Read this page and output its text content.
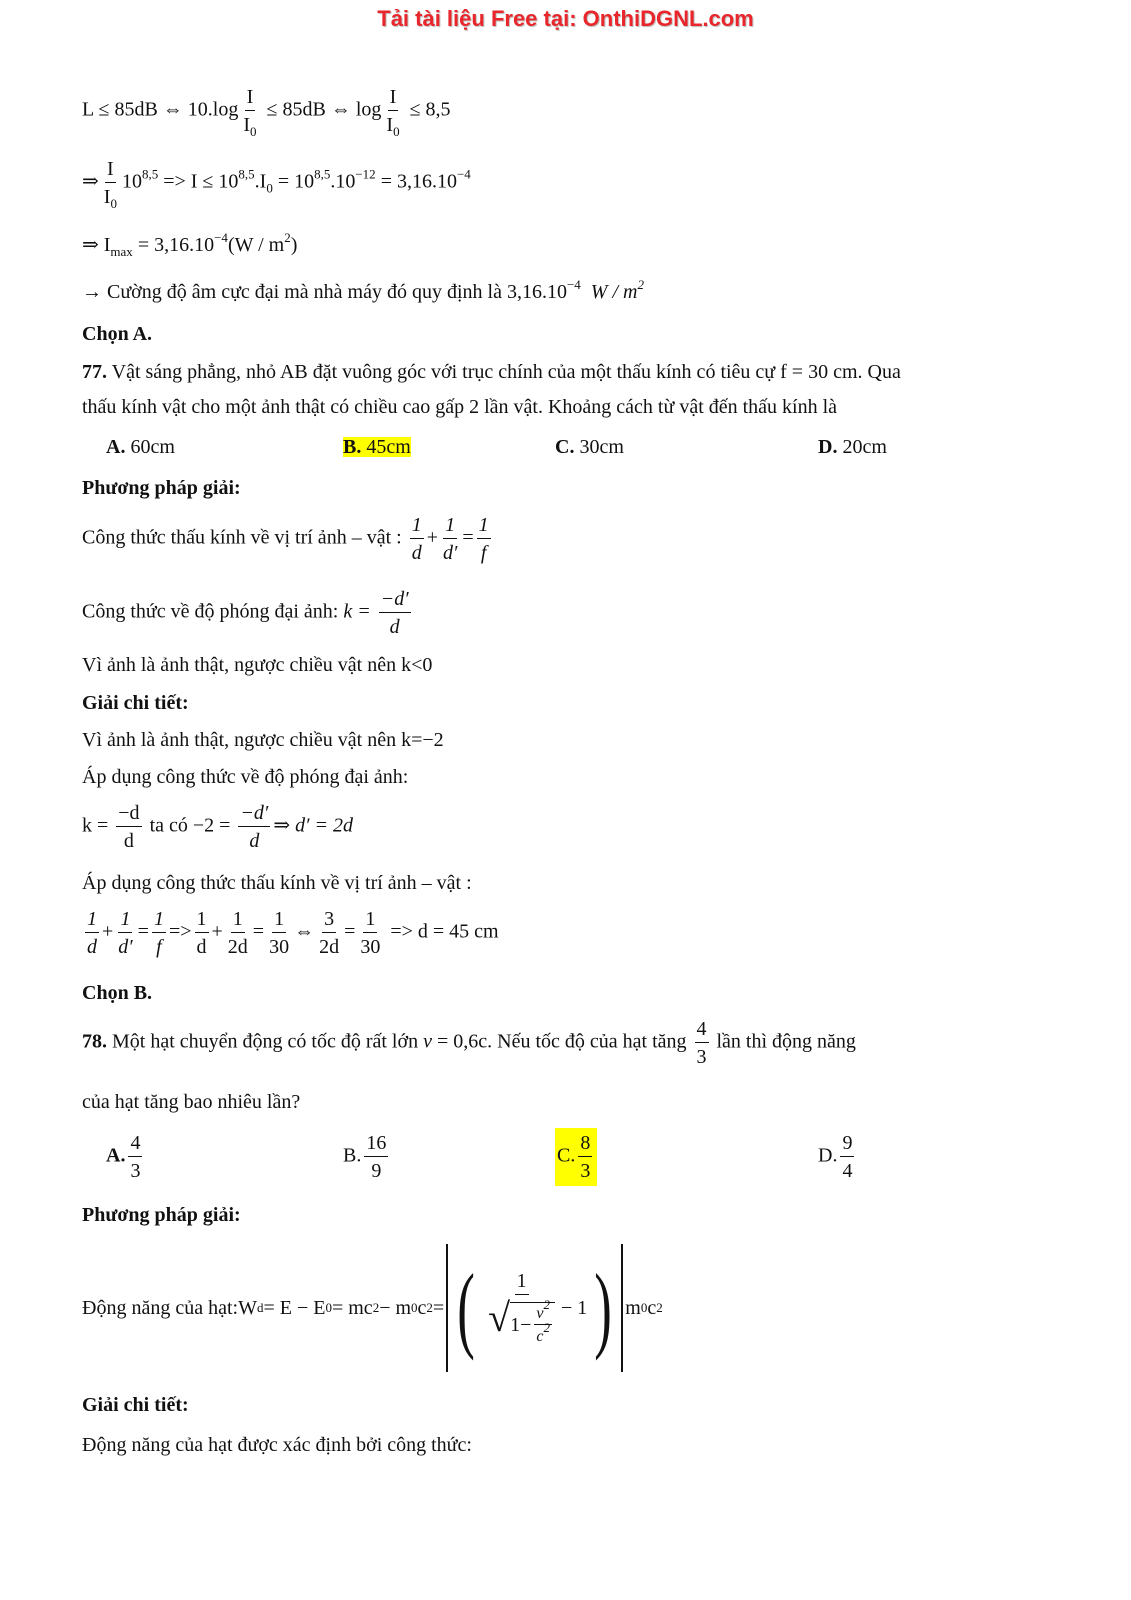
Tải tài liệu Free tại: OnthiDGNL.com
L ≤ 85dB ⇔ $10.\log \frac{I}{I_0} \le 85dB$ ⇔ $\log \frac{I}{I_0} \le 8,5$
⇒ $\frac{I}{I_0} 10^{8,5} => I \le 10^{8,5}.I_0 = 10^{8,5}.10^{-12} = 3,16.10^{-4}$
⇒ $I_{max} = 3,16.10^{-4}(W / m^2)$
→ Cường độ âm cực đại mà nhà máy đó quy định là $3,16.10^{-4}$ W / $m^2$
Chọn A.
77. Vật sáng phẳng, nhỏ AB đặt vuông góc với trục chính của một thấu kính có tiêu cự f = 30 cm. Qua
thấu kính vật cho một ảnh thật có chiều cao gấp 2 lần vật. Khoảng cách từ vật đến thấu kính là
A. 60cm	B. 45cm	C. 30cm	D. 20cm
Phương pháp giải:
Công thức thấu kính về vị trí ảnh – vật : $\frac{1}{d} + \frac{1}{d'} = \frac{1}{f}$
Công thức về độ phóng đại ảnh: $k = \frac{-d'}{d}$
Vì ảnh là ảnh thật, ngược chiều vật nên k<0
Giải chi tiết:
Vì ảnh là ảnh thật, ngược chiều vật nên k=−2
Áp dụng công thức về độ phóng đại ảnh:
$k = \frac{-d}{d}$ ta có $-2 = \frac{-d'}{d}$ ⇒ d′ = 2d
Áp dụng công thức thấu kính về vị trí ảnh – vật :
$\frac{1}{d} + \frac{1}{d'} = \frac{1}{f} => \frac{1}{d} + \frac{1}{2d} = \frac{1}{30}$ ⇔ $\frac{3}{2d} = \frac{1}{30} => d = 45$ cm
Chọn B.
78. Một hạt chuyển động có tốc độ rất lớn v = 0,6c. Nếu tốc độ của hạt tăng $\frac{4}{3}$ lần thì động năng
của hạt tăng bao nhiêu lần?
A. $\frac{4}{3}$	B. $\frac{16}{9}$	C. $\frac{8}{3}$	D. $\frac{9}{4}$
Phương pháp giải:
Động năng của hạt: W d = E − E 0 = mc 2 − m 0 c 2 = ( $\frac{1}{√ 1- \frac{v^2}{c^2}} - 1$ ) m 0 c 2
Giải chi tiết:
Động năng của hạt được xác định bởi công thức:
